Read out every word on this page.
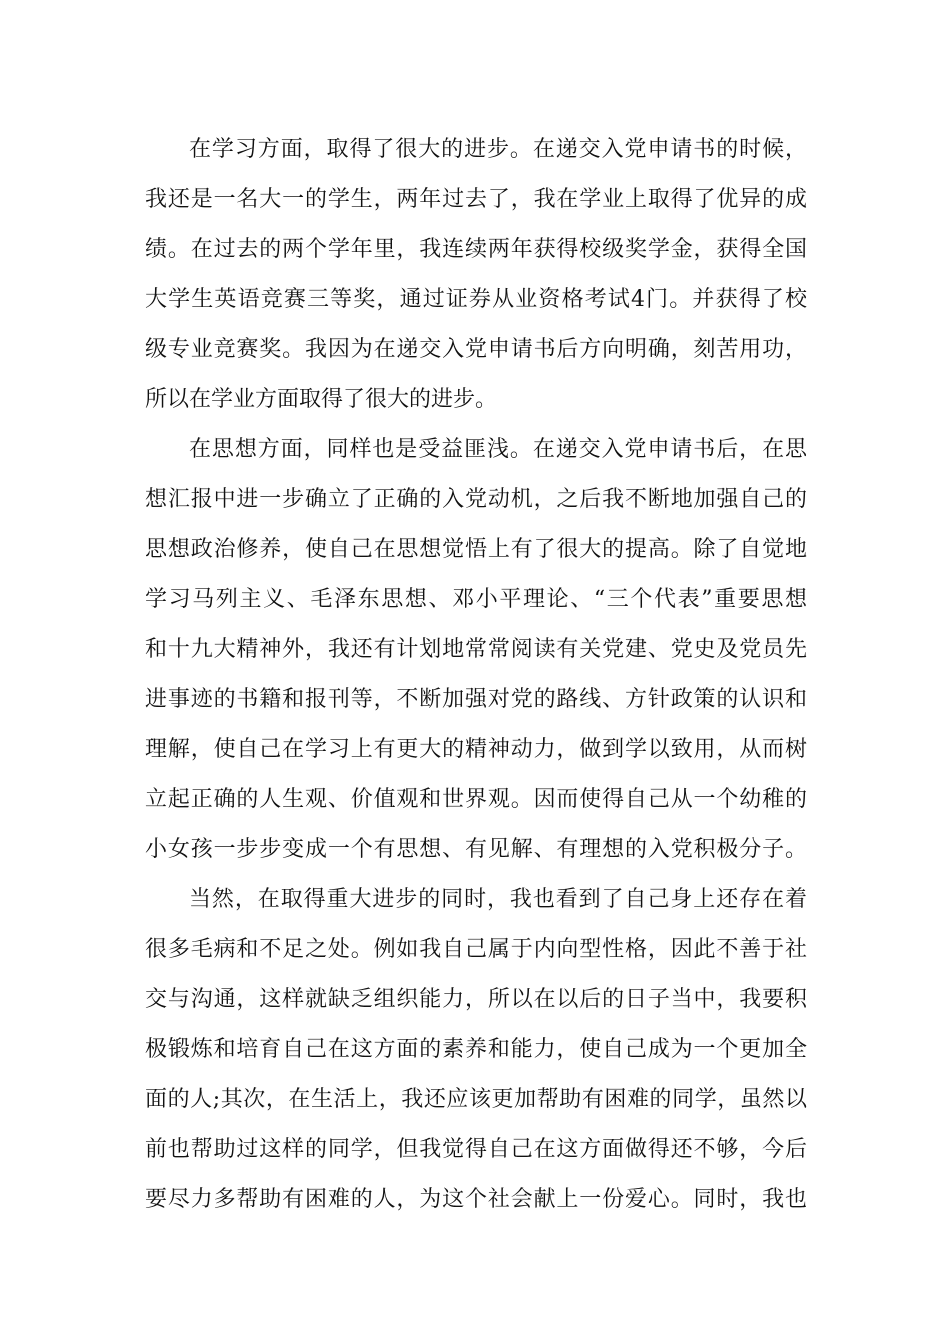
在学习方面，取得了很大的进步。在递交入党申请书的时候，

我还是一名大一的学生，两年过去了，我在学业上取得了优异的成

绩。在过去的两个学年里，我连续两年获得校级奖学金，获得全国

大学生英语竞赛三等奖，通过证券从业资格考试4门。并获得了校

级专业竞赛奖。我因为在递交入党申请书后方向明确，刻苦用功，

所以在学业方面取得了很大的进步。

在思想方面，同样也是受益匪浅。在递交入党申请书后，在思

想汇报中进一步确立了正确的入党动机，之后我不断地加强自己的

思想政治修养，使自己在思想觉悟上有了很大的提高。除了自觉地

学习马列主义、毛泽东思想、邓小平理论、“三个代表”重要思想

和十九大精神外，我还有计划地常常阅读有关党建、党史及党员先

进事迹的书籍和报刊等，不断加强对党的路线、方针政策的认识和

理解，使自己在学习上有更大的精神动力，做到学以致用，从而树

立起正确的人生观、价值观和世界观。因而使得自己从一个幼稚的

小女孩一步步变成一个有思想、有见解、有理想的入党积极分子。

当然，在取得重大进步的同时，我也看到了自己身上还存在着

很多毛病和不足之处。例如我自己属于内向型性格，因此不善于社

交与沟通，这样就缺乏组织能力，所以在以后的日子当中，我要积

极锻炼和培育自己在这方面的素养和能力，使自己成为一个更加全

面的人;其次，在生活上，我还应该更加帮助有困难的同学，虽然以

前也帮助过这样的同学，但我觉得自己在这方面做得还不够，今后

要尽力多帮助有困难的人，为这个社会献上一份爱心。同时，我也
